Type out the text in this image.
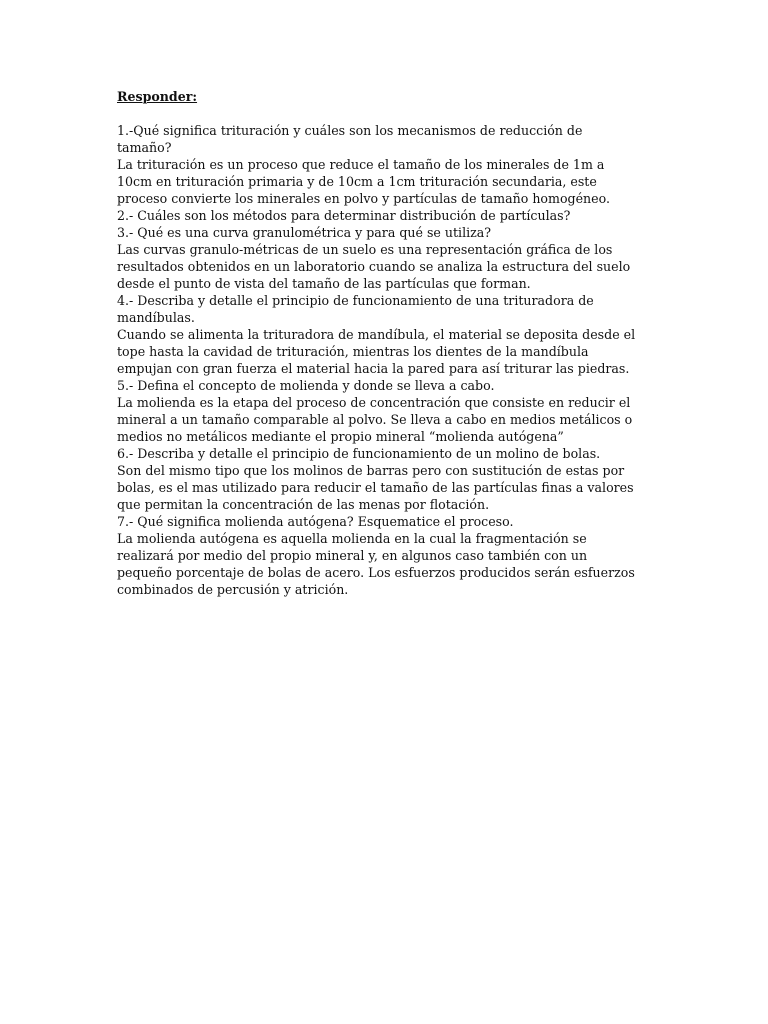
Responder:
1.-Qué significa trituración y cuáles son los mecanismos de reducción de
tamaño?
La trituración es un proceso que reduce el tamaño de los minerales de 1m a
10cm en trituración primaria y de 10cm a 1cm trituración secundaria, este
proceso convierte los minerales en polvo y partículas de tamaño homogéneo.
2.- Cuáles son los métodos para determinar distribución de partículas?
3.- Qué es una curva granulométrica y para qué se utiliza?
Las curvas granulo-métricas de un suelo es una representación gráfica de los
resultados obtenidos en un laboratorio cuando se analiza la estructura del suelo
desde el punto de vista del tamaño de las partículas que forman.
4.- Describa y detalle el principio de funcionamiento de una trituradora de
mandíbulas.
Cuando se alimenta la trituradora de mandíbula, el material se deposita desde el
tope hasta la cavidad de trituración, mientras los dientes de la mandíbula
empujan con gran fuerza el material hacia la pared para así triturar las piedras.
5.- Defina el concepto de molienda y donde se lleva a cabo.
La molienda es la etapa del proceso de concentración que consiste en reducir el
mineral a un tamaño comparable al polvo. Se lleva a cabo en medios metálicos o
medios no metálicos mediante el propio mineral “molienda autógena”
6.- Describa y detalle el principio de funcionamiento de un molino de bolas.
Son del mismo tipo que los molinos de barras pero con sustitución de estas por
bolas, es el mas utilizado para reducir el tamaño de las partículas finas a valores
que permitan la concentración de las menas por flotación.
7.- Qué significa molienda autógena? Esquematice el proceso.
La molienda autógena es aquella molienda en la cual la fragmentación se
realizará por medio del propio mineral y, en algunos caso también con un
pequeño porcentaje de bolas de acero. Los esfuerzos producidos serán esfuerzos
combinados de percusión y atrición.
